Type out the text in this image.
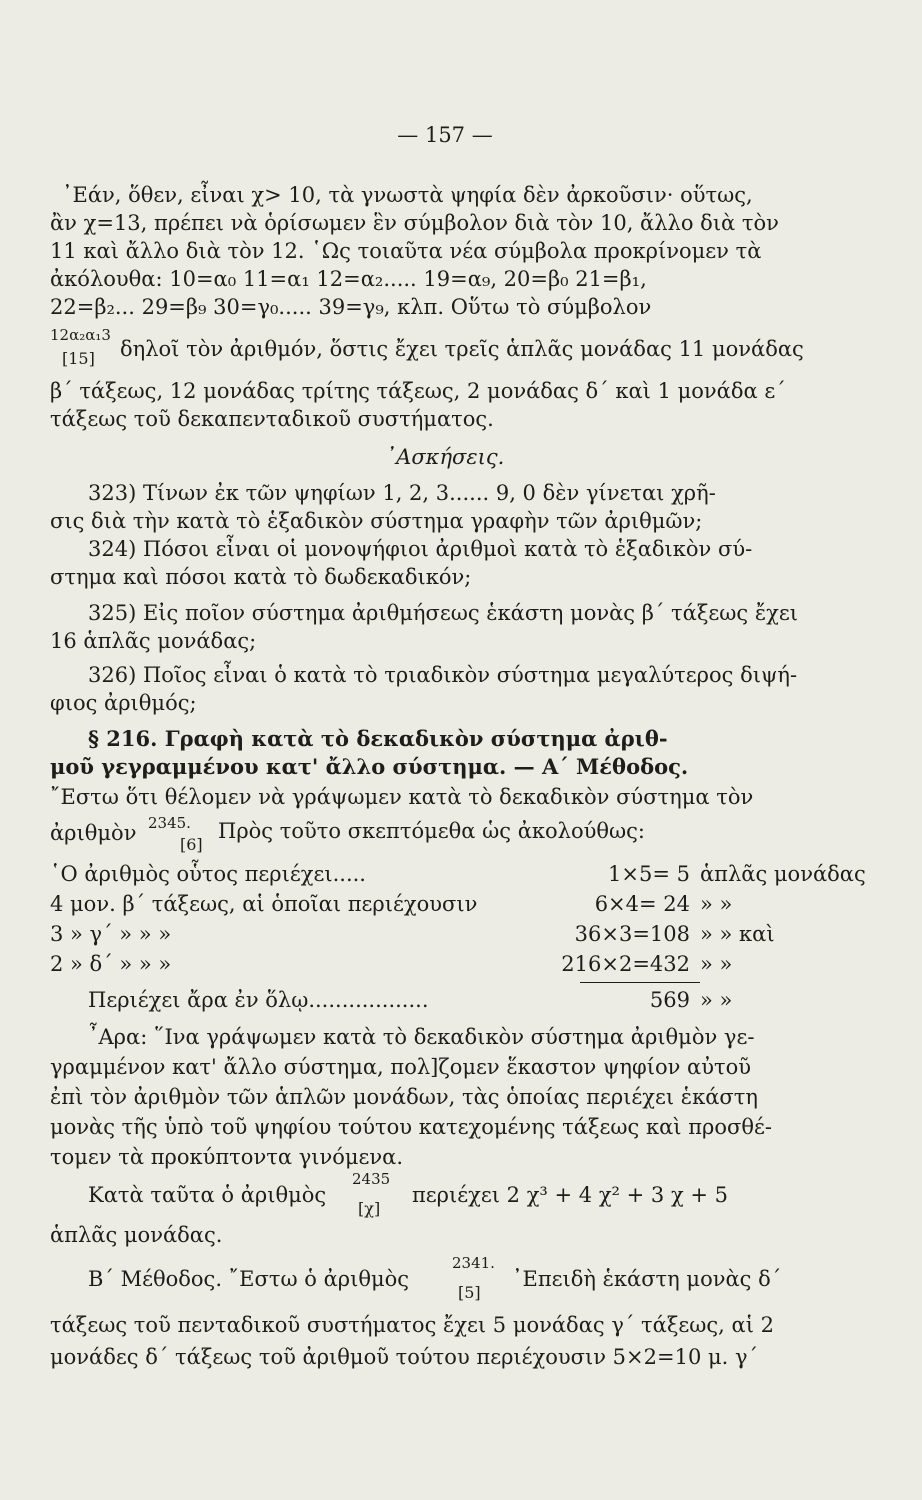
— 157 —
᾿Εάν, ὅθεν, εἶναι χ> 10, τὰ γνωστὰ ψηφία δὲν ἀρκοῦσιν· οὕτως,
ἂν χ=13, πρέπει νὰ ὁρίσωμεν ἓν σύμβολον διὰ τὸν 10, ἄλλο διὰ τὸν
11 καὶ ἄλλο διὰ τὸν 12. ῾Ως τοιαῦτα νέα σύμβολα προκρίνομεν τὰ
ἀκόλουθα: 10=α₀ 11=α₁ 12=α₂..... 19=α₉, 20=β₀ 21=β₁,
22=β₂... 29=β₉ 30=γ₀..... 39=γ₉, κλπ. Οὕτω τὸ σύμβολον
12α₂α₁3
[15]	δηλοῖ τὸν ἀριθμόν, ὅστις ἔχει τρεῖς ἁπλᾶς μονάδας 11 μονάδας
β´ τάξεως, 12 μονάδας τρίτης τάξεως, 2 μονάδας δ´ καὶ 1 μονάδα ε´
τάξεως τοῦ δεκαπενταδικοῦ συστήματος.
᾿Ασκήσεις.
323) Τίνων ἐκ τῶν ψηφίων 1, 2, 3...... 9, 0 δὲν γίνεται χρῆ-
σις διὰ τὴν κατὰ τὸ ἑξαδικὸν σύστημα γραφὴν τῶν ἀριθμῶν;
324) Πόσοι εἶναι οἱ μονοψήφιοι ἀριθμοὶ κατὰ τὸ ἑξαδικὸν σύ-
στημα καὶ πόσοι κατὰ τὸ δωδεκαδικόν;
325) Εἰς ποῖον σύστημα ἀριθμήσεως ἑκάστη μονὰς β´ τάξεως ἔχει
16 ἁπλᾶς μονάδας;
326) Ποῖος εἶναι ὁ κατὰ τὸ τριαδικὸν σύστημα μεγαλύτερος διψή-
φιος ἀριθμός;
§ 216. Γραφὴ κατὰ τὸ δεκαδικὸν σύστημα ἀριθ-
μοῦ γεγραμμένου κατ' ἄλλο σύστημα. — Α´ Μέθοδος.
῎Εστω ὅτι θέλομεν νὰ γράψωμεν κατὰ τὸ δεκαδικὸν σύστημα τὸν
2345.
ἀριθμὸν	[6]
Πρὸς τοῦτο σκεπτόμεθα ὡς ἀκολούθως:
῾Ο ἀριθμὸς οὗτος περιέχει.....	1×5= 5 ἁπλᾶς μονάδας
4 μον. β´ τάξεως, αἱ ὁποῖαι περιέχουσιν	6×4= 24 » »
3 » γ´ » » »	36×3=108 » » καὶ
2 » δ´ » » »	216×2=432 » »
Περιέχει ἄρα ἐν ὅλῳ..................	569 » »
῏Αρα: ῞Ινα γράψωμεν κατὰ τὸ δεκαδικὸν σύστημα ἀριθμὸν γε-
γραμμένον κατ' ἄλλο σύστημα, πολ]ζομεν ἕκαστον ψηφίον αὐτοῦ
ἐπὶ τὸν ἀριθμὸν τῶν ἁπλῶν μονάδων, τὰς ὁποίας περιέχει ἑκάστη
μονὰς τῆς ὑπὸ τοῦ ψηφίου τούτου κατεχομένης τάξεως καὶ προσθέ-
τομεν τὰ προκύπτοντα γινόμενα.
2435
Κατὰ ταῦτα ὁ ἀριθμὸς
[χ]
περιέχει 2 χ³ + 4 χ² + 3 χ + 5
ἁπλᾶς μονάδας.
2341.
Β´ Μέθοδος. ῎Εστω ὁ ἀριθμὸς
[5]
᾿Επειδὴ ἑκάστη μονὰς δ´
τάξεως τοῦ πενταδικοῦ συστήματος ἔχει 5 μονάδας γ´ τάξεως, αἱ 2
μονάδες δ´ τάξεως τοῦ ἀριθμοῦ τούτου περιέχουσιν 5×2=10 μ. γ´
